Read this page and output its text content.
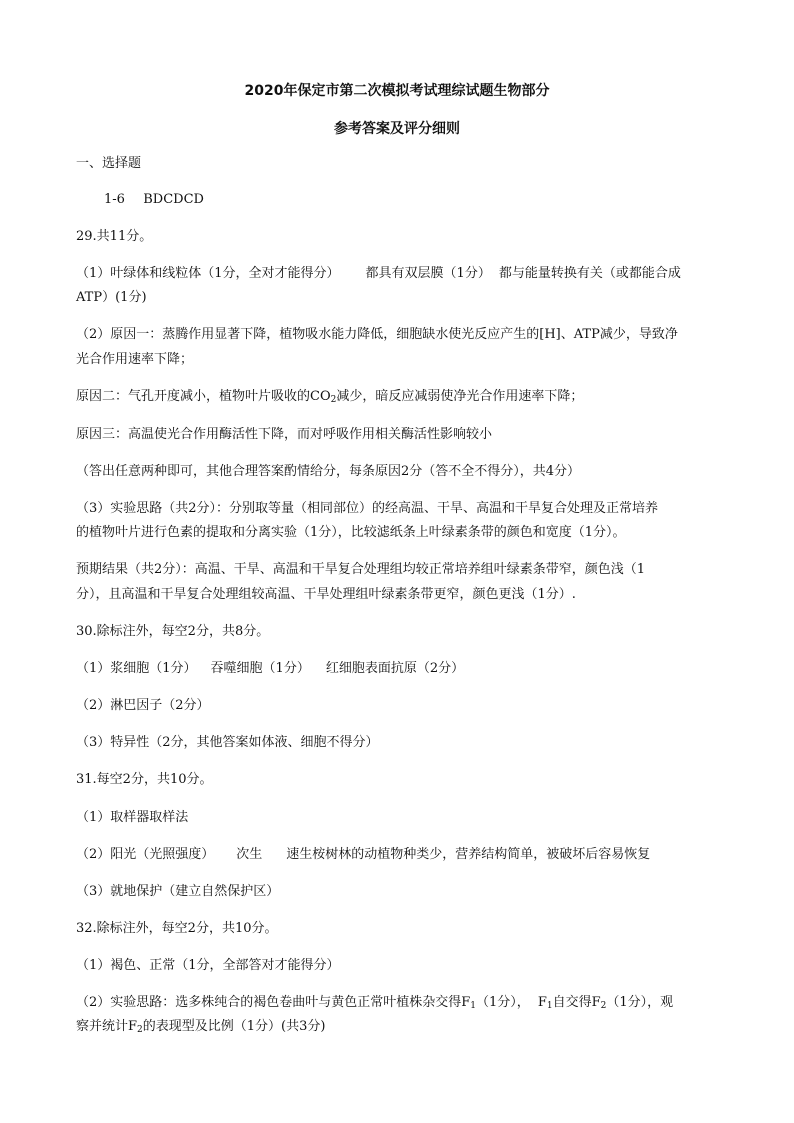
2020年保定市第二次模拟考试理综试题生物部分
参考答案及评分细则
一、选择题
1-6 BDCDCD
29.共11分。
（1）叶绿体和线粒体（1分，全对才能得分） 都具有双层膜（1分） 都与能量转换有关（或都能合成
ATP）(1分)
（2）原因一：蒸腾作用显著下降，植物吸水能力降低，细胞缺水使光反应产生的[H]、ATP减少，导致净
光合作用速率下降；
原因二：气孔开度减小，植物叶片吸收的$CO_2$减少，暗反应减弱使净光合作用速率下降；
原因三：高温使光合作用酶活性下降，而对呼吸作用相关酶活性影响较小
（答出任意两种即可，其他合理答案酌情给分，每条原因2分（答不全不得分），共4分）
（3）实验思路（共2分）：分别取等量（相同部位）的经高温、干旱、高温和干旱复合处理及正常培养
的植物叶片进行色素的提取和分离实验（1分），比较滤纸条上叶绿素条带的颜色和宽度（1分）。
预期结果（共2分）：高温、干旱、高温和干旱复合处理组均较正常培养组叶绿素条带窄，颜色浅（1
分），且高温和干旱复合处理组较高温、干旱处理组叶绿素条带更窄，颜色更浅（1分）.
30.除标注外，每空2分，共8分。
（1）浆细胞（1分） 吞噬细胞（1分） 红细胞表面抗原（2分）
（2）淋巴因子（2分）
（3）特异性（2分，其他答案如体液、细胞不得分）
31.每空2分，共10分。
（1）取样器取样法
（2）阳光（光照强度） 次生 速生桉树林的动植物种类少，营养结构简单，被破坏后容易恢复
（3）就地保护（建立自然保护区）
32.除标注外，每空2分，共10分。
（1）褐色、正常（1分，全部答对才能得分）
（2）实验思路：选多株纯合的褐色卷曲叶与黄色正常叶植株杂交得$F_1(1$分）， $F_1$自交得$F_2(1$分），观
察并统计$F_2$的表现型及比例（1分）(共3分)
